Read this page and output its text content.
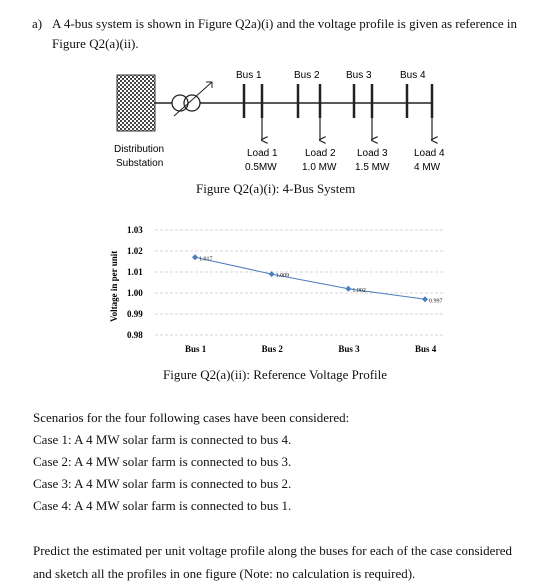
a) A 4-bus system is shown in Figure Q2a)(i) and the voltage profile is given as reference in
Figure Q2(a)(ii).
Bus 1	Bus 2	Bus 3	Bus 4
Load 1
0.5MW
Load 2
1.0 MW
Load 3
1.5 MW
Load 4
4 MW
Distribution
Substation
Figure Q2(a)(i): 4-Bus System
1.03
1.02
1.01
1.00
0.99
0.98
Bus 1	Bus 2	Bus 3	Bus 4
1.017
1.009
1.002
0.997
Voltage in per unit
Figure Q2(a)(ii): Reference Voltage Profile
Scenarios for the four following cases have been considered:
Case 1: A 4 MW solar farm is connected to bus 4.
Case 2: A 4 MW solar farm is connected to bus 3.
Case 3: A 4 MW solar farm is connected to bus 2.
Case 4: A 4 MW solar farm is connected to bus 1.
Predict the estimated per unit voltage profile along the buses for each of the case considered
and sketch all the profiles in one figure (Note: no calculation is required).
